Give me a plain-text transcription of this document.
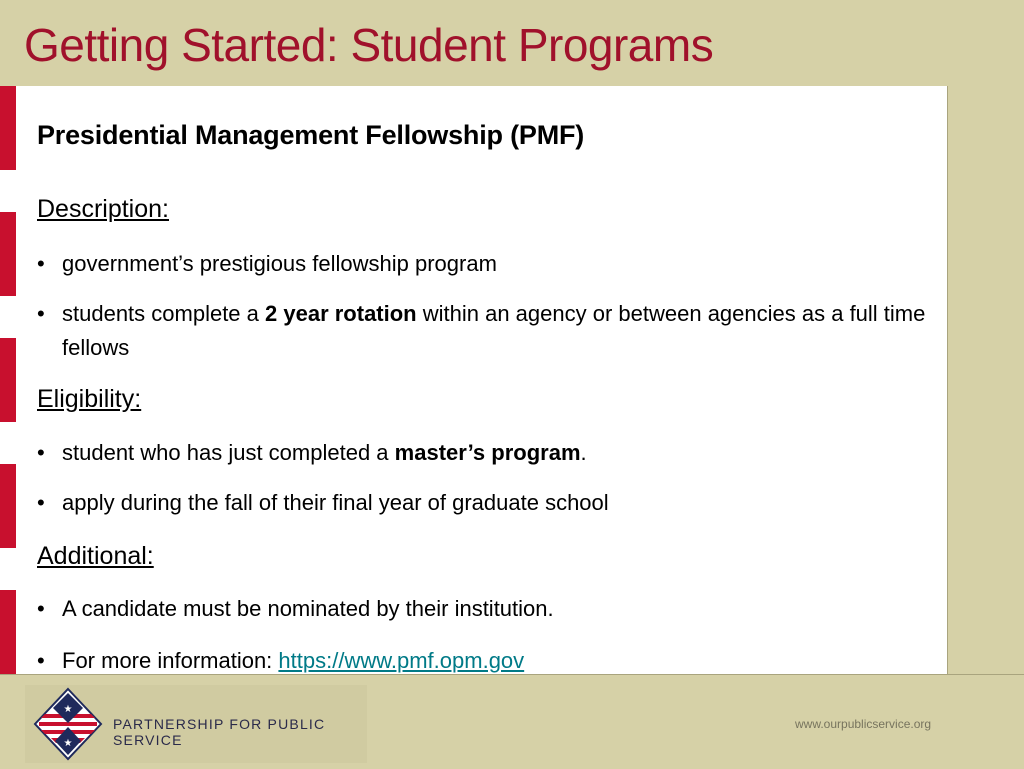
Getting Started: Student Programs
Presidential Management Fellowship (PMF)
Description:
• government’s prestigious fellowship program
• students complete a 2 year rotation within an agency or between agencies as a full time fellows
Eligibility:
• student who has just completed a master’s program.
• apply during the fall of their final year of graduate school
Additional:
• A candidate must be nominated by their institution.
• For more information: https://www.pmf.opm.gov
★
★
PARTNERSHIP FOR PUBLIC SERVICE
www.ourpublicservice.org
